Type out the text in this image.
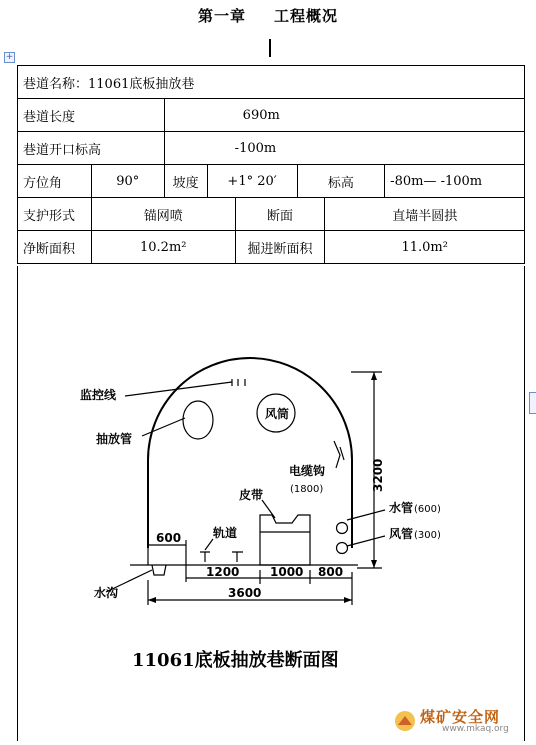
第一章 工程概况
+
巷道名称：11061底板抽放巷							
巷道长度		690m					
巷道开口标高		-100m					
方位角	90°	坡度	+1° 20′		标高		-80m— -100m
支护形式	锚网喷			断面		直墙半圆拱	
净断面积	10.2m²			掘进断面积		11.0m²	
监控线
抽放管
风筒
电缆钩
皮带
轨道
水管
风管
水沟
600
1200	1000 800
3600
3200
(1800)
(600)
(300)
11061底板抽放巷断面图
煤矿安全网
www.mkaq.org
